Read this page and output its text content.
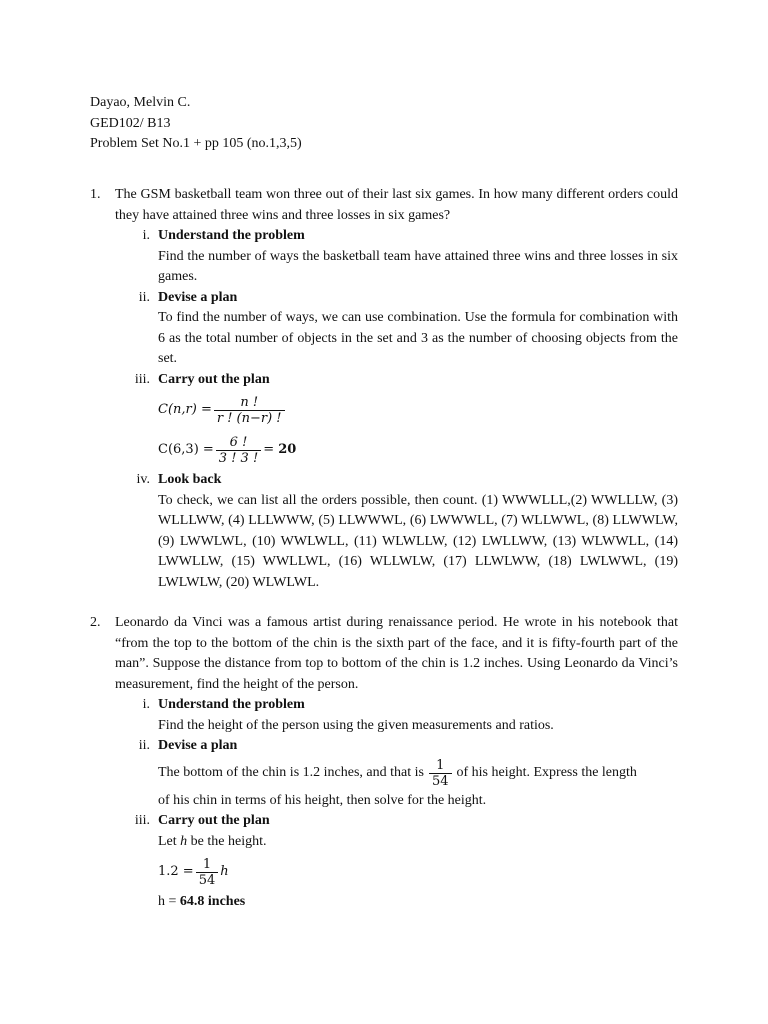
Dayao, Melvin C.
GED102/ B13
Problem Set No.1 + pp 105 (no.1,3,5)
1. The GSM basketball team won three out of their last six games. In how many different orders could they have attained three wins and three losses in six games?
i. Understand the problem
Find the number of ways the basketball team have attained three wins and three losses in six games.
ii. Devise a plan
To find the number of ways, we can use combination. Use the formula for combination with 6 as the total number of objects in the set and 3 as the number of choosing objects from the set.
iii. Carry out the plan
$C(n,r) = \frac{n !}{r ! (n-r) !}$
$C(6,3) = \frac{6 !}{3 ! 3 !}$ =
20
iv. Look back
To check, we can list all the orders possible, then count. (1) WWWLLL,(2) WWLLLW, (3) WLLLWW, (4) LLLWWW, (5) LLWWWL, (6) LWWWLL, (7) WLLWWL, (8) LLWWLW, (9) LWWLWL, (10) WWLWLL, (11) WLWLLW, (12) LWLLWW, (13) WLWWLL, (14) LWWLLW, (15) WWLLWL, (16) WLLWLW, (17) LLWLWW, (18) LWLWWL, (19) LWLWLW, (20) WLWLWL.
2. Leonardo da Vinci was a famous artist during renaissance period. He wrote in his notebook that “from the top to the bottom of the chin is the sixth part of the face, and it is fifty-fourth part of the man”. Suppose the distance from top to bottom of the chin is 1.2 inches. Using Leonardo da Vinci’s measurement, find the height of the person.
i. Understand the problem
Find the height of the person using the given measurements and ratios.
ii. Devise a plan
The bottom of the chin is 1.2 inches, and that is $\frac{1}{54}$ of his height. Express the length
of his chin in terms of his height, then solve for the height.
iii. Carry out the plan
Let h be the height.
$1.2 = \frac{1}{54}$ h
h = 64.8 inches
